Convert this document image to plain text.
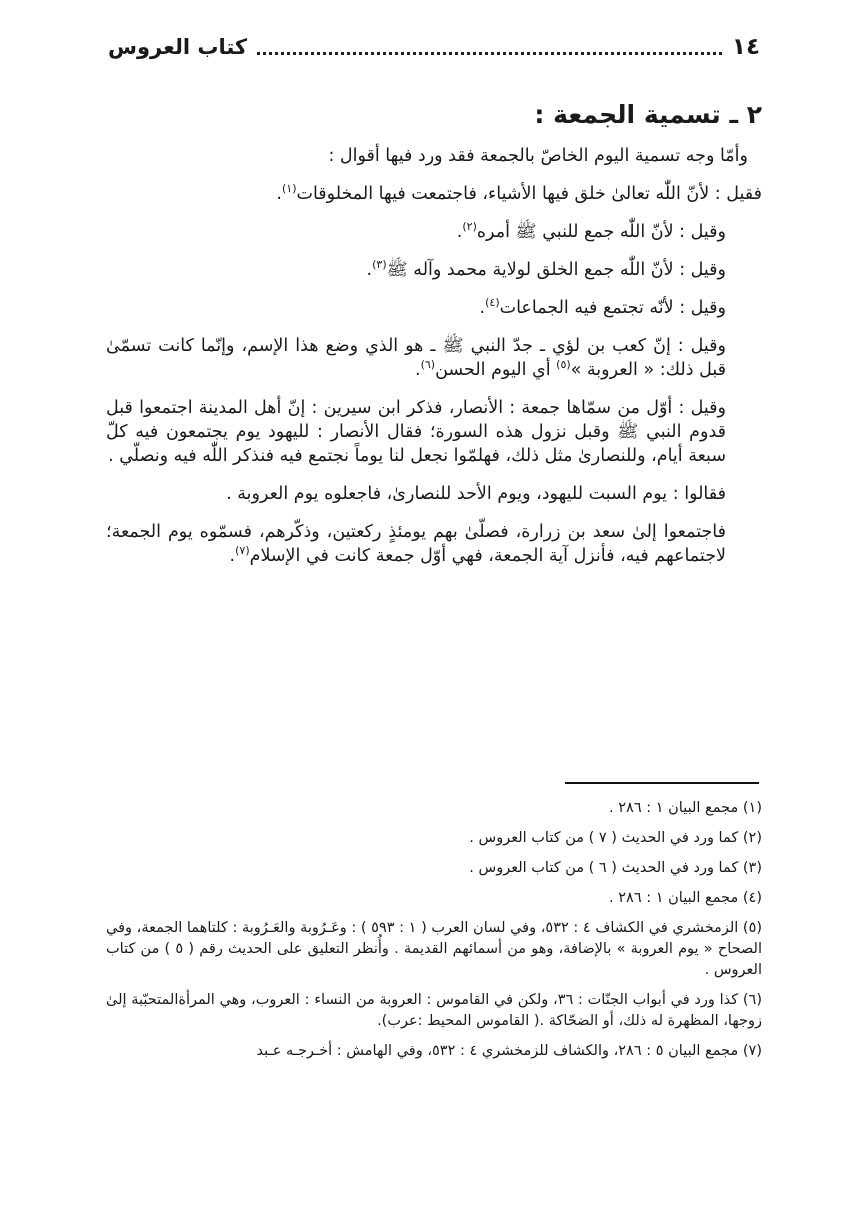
١٤
كتاب العروس
٢ ـ تسمية الجمعة :

وأمّا وجه تسمية اليوم الخاصّ بالجمعة فقد ورد فيها أقوال :

فقيل : لأنّ اللّٰه تعالىٰ خلق فيها الأشياء، فاجتمعت فيها المخلوقات$^{(١)}$.

وقيل : لأنّ اللّٰه جمع للنبي ﷺ أمره$^{(٢)}$.

وقيل : لأنّ اللّٰه جمع الخلق لولاية محمد وآله ﷺ$^{(٣)}$.

وقيل : لأنّه تجتمع فيه الجماعات$^{(٤)}$.

وقيل : إنّ كعب بن لؤي ـ جدّ النبي ﷺ ـ هو الذي وضع هذا الإسم، وإنّما كانت تسمّىٰ قبل ذلك: « العروبة »$^{(٥)}$ أي اليوم الحسن$^{(٦)}$.

وقيل : أوّل من سمّاها جمعة : الأنصار، فذكر ابن سيرين : إنّ أهل المدينة اجتمعوا قبل قدوم النبي ﷺ وقبل نزول هذه السورة؛ فقال الأنصار : لليهود يوم يجتمعون فيه كلّ سبعة أيام، وللنصارىٰ مثل ذلك، فهلمّوا نجعل لنا يوماً نجتمع فيه فنذكر اللّٰه فيه ونصلّي .

فقالوا : يوم السبت لليهود، ويوم الأحد للنصارىٰ، فاجعلوه يوم العروبة .

فاجتمعوا إلىٰ سعد بن زرارة، فصلّىٰ بهم يومئذٍ ركعتين، وذكّرهم، فسمّوه يوم الجمعة؛ لاجتماعهم فيه، فأنزل آية الجمعة، فهي أوّل جمعة كانت في الإسلام$^{(٧)}$.

(١) مجمع البيان ١ : ٢٨٦ .

(٢) كما ورد في الحديث ( ٧ ) من كتاب العروس .

(٣) كما ورد في الحديث ( ٦ ) من كتاب العروس .

(٤) مجمع البيان ١ : ٢٨٦ .

(٥) الزمخشري في الكشاف ٤ : ٥٣٢، وفي لسان العرب ( ١ : ٥٩٣ ) : وعَـرُوبة والعَـرُوبة : كلتاهما الجمعة، وفي الصحاح « يوم العروبة » بالإضافة، وهو من أسمائهم القديمة . وأُنظر التعليق على الحديث رقم ( ٥ ) من كتاب العروس .

(٦) كذا ورد في أبواب الجنّات : ٣٦، ولكن في القاموس : العروبة من النساء : العروب، وهي المرأةالمتحبّبة إلىٰ زوجها، المظهرة له ذلك، أو الضحّاكة .( القاموس المحيط :عرب).

(٧) مجمع البيان ٥ : ٢٨٦، والكشاف للزمخشري ٤ : ٥٣٢، وفي الهامش : أخـرجـه عـبد
